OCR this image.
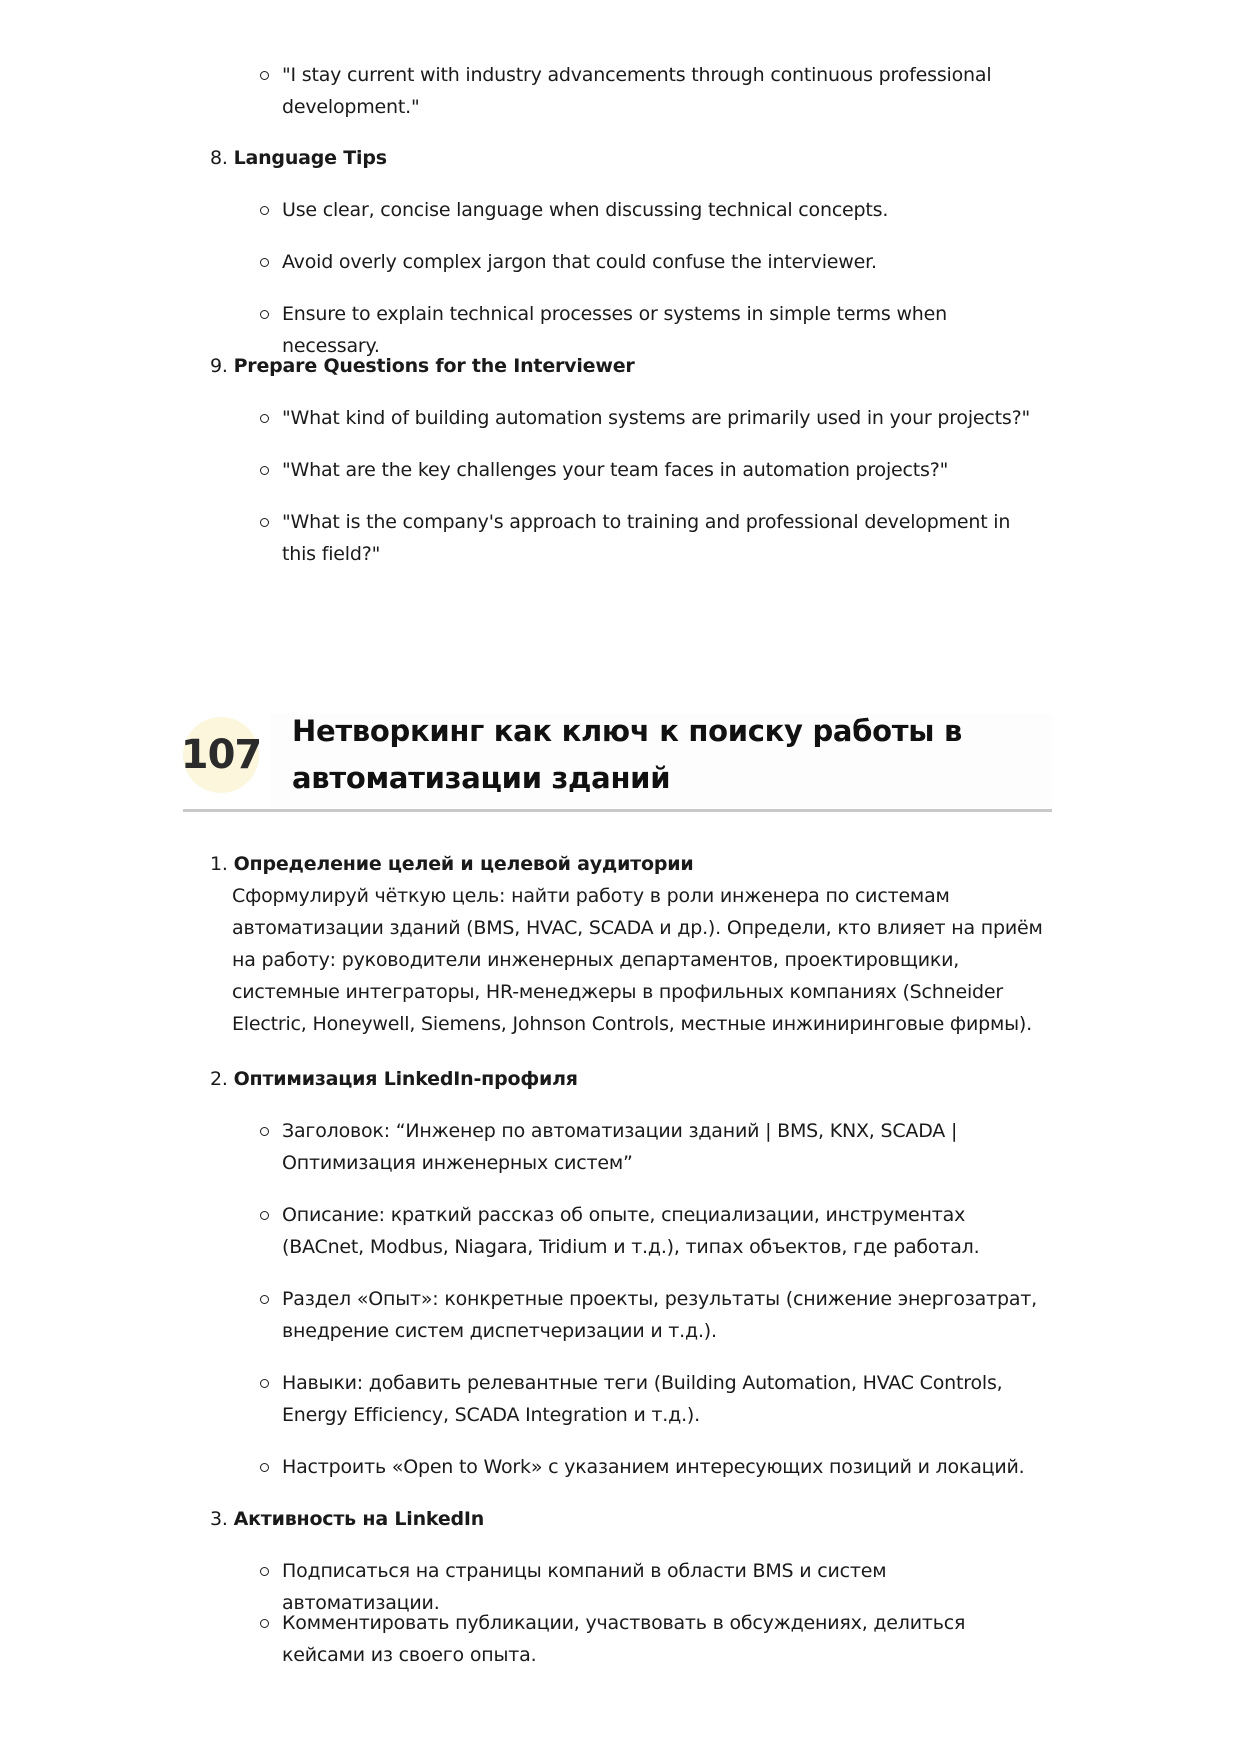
"I stay current with industry advancements through continuous professional development."
8. Language Tips
Use clear, concise language when discussing technical concepts.
Avoid overly complex jargon that could confuse the interviewer.
Ensure to explain technical processes or systems in simple terms when necessary.
9. Prepare Questions for the Interviewer
"What kind of building automation systems are primarily used in your projects?"
"What are the key challenges your team faces in automation projects?"
"What is the company's approach to training and professional development in this field?"
107
Нетворкинг как ключ к поиску работы в автоматизации зданий
1. Определение целей и целевой аудитории
Сформулируй чёткую цель: найти работу в роли инженера по системам автоматизации зданий (BMS, HVAC, SCADA и др.). Определи, кто влияет на приём на работу: руководители инженерных департаментов, проектировщики, системные интеграторы, HR-менеджеры в профильных компаниях (Schneider Electric, Honeywell, Siemens, Johnson Controls, местные инжиниринговые фирмы).
2. Оптимизация LinkedIn-профиля
Заголовок: “Инженер по автоматизации зданий | BMS, KNX, SCADA | Оптимизация инженерных систем”
Описание: краткий рассказ об опыте, специализации, инструментах (BACnet, Modbus, Niagara, Tridium и т.д.), типах объектов, где работал.
Раздел «Опыт»: конкретные проекты, результаты (снижение энергозатрат, внедрение систем диспетчеризации и т.д.).
Навыки: добавить релевантные теги (Building Automation, HVAC Controls, Energy Efficiency, SCADA Integration и т.д.).
Настроить «Open to Work» с указанием интересующих позиций и локаций.
3. Активность на LinkedIn
Подписаться на страницы компаний в области BMS и систем автоматизации.
Комментировать публикации, участвовать в обсуждениях, делиться кейсами из своего опыта.
